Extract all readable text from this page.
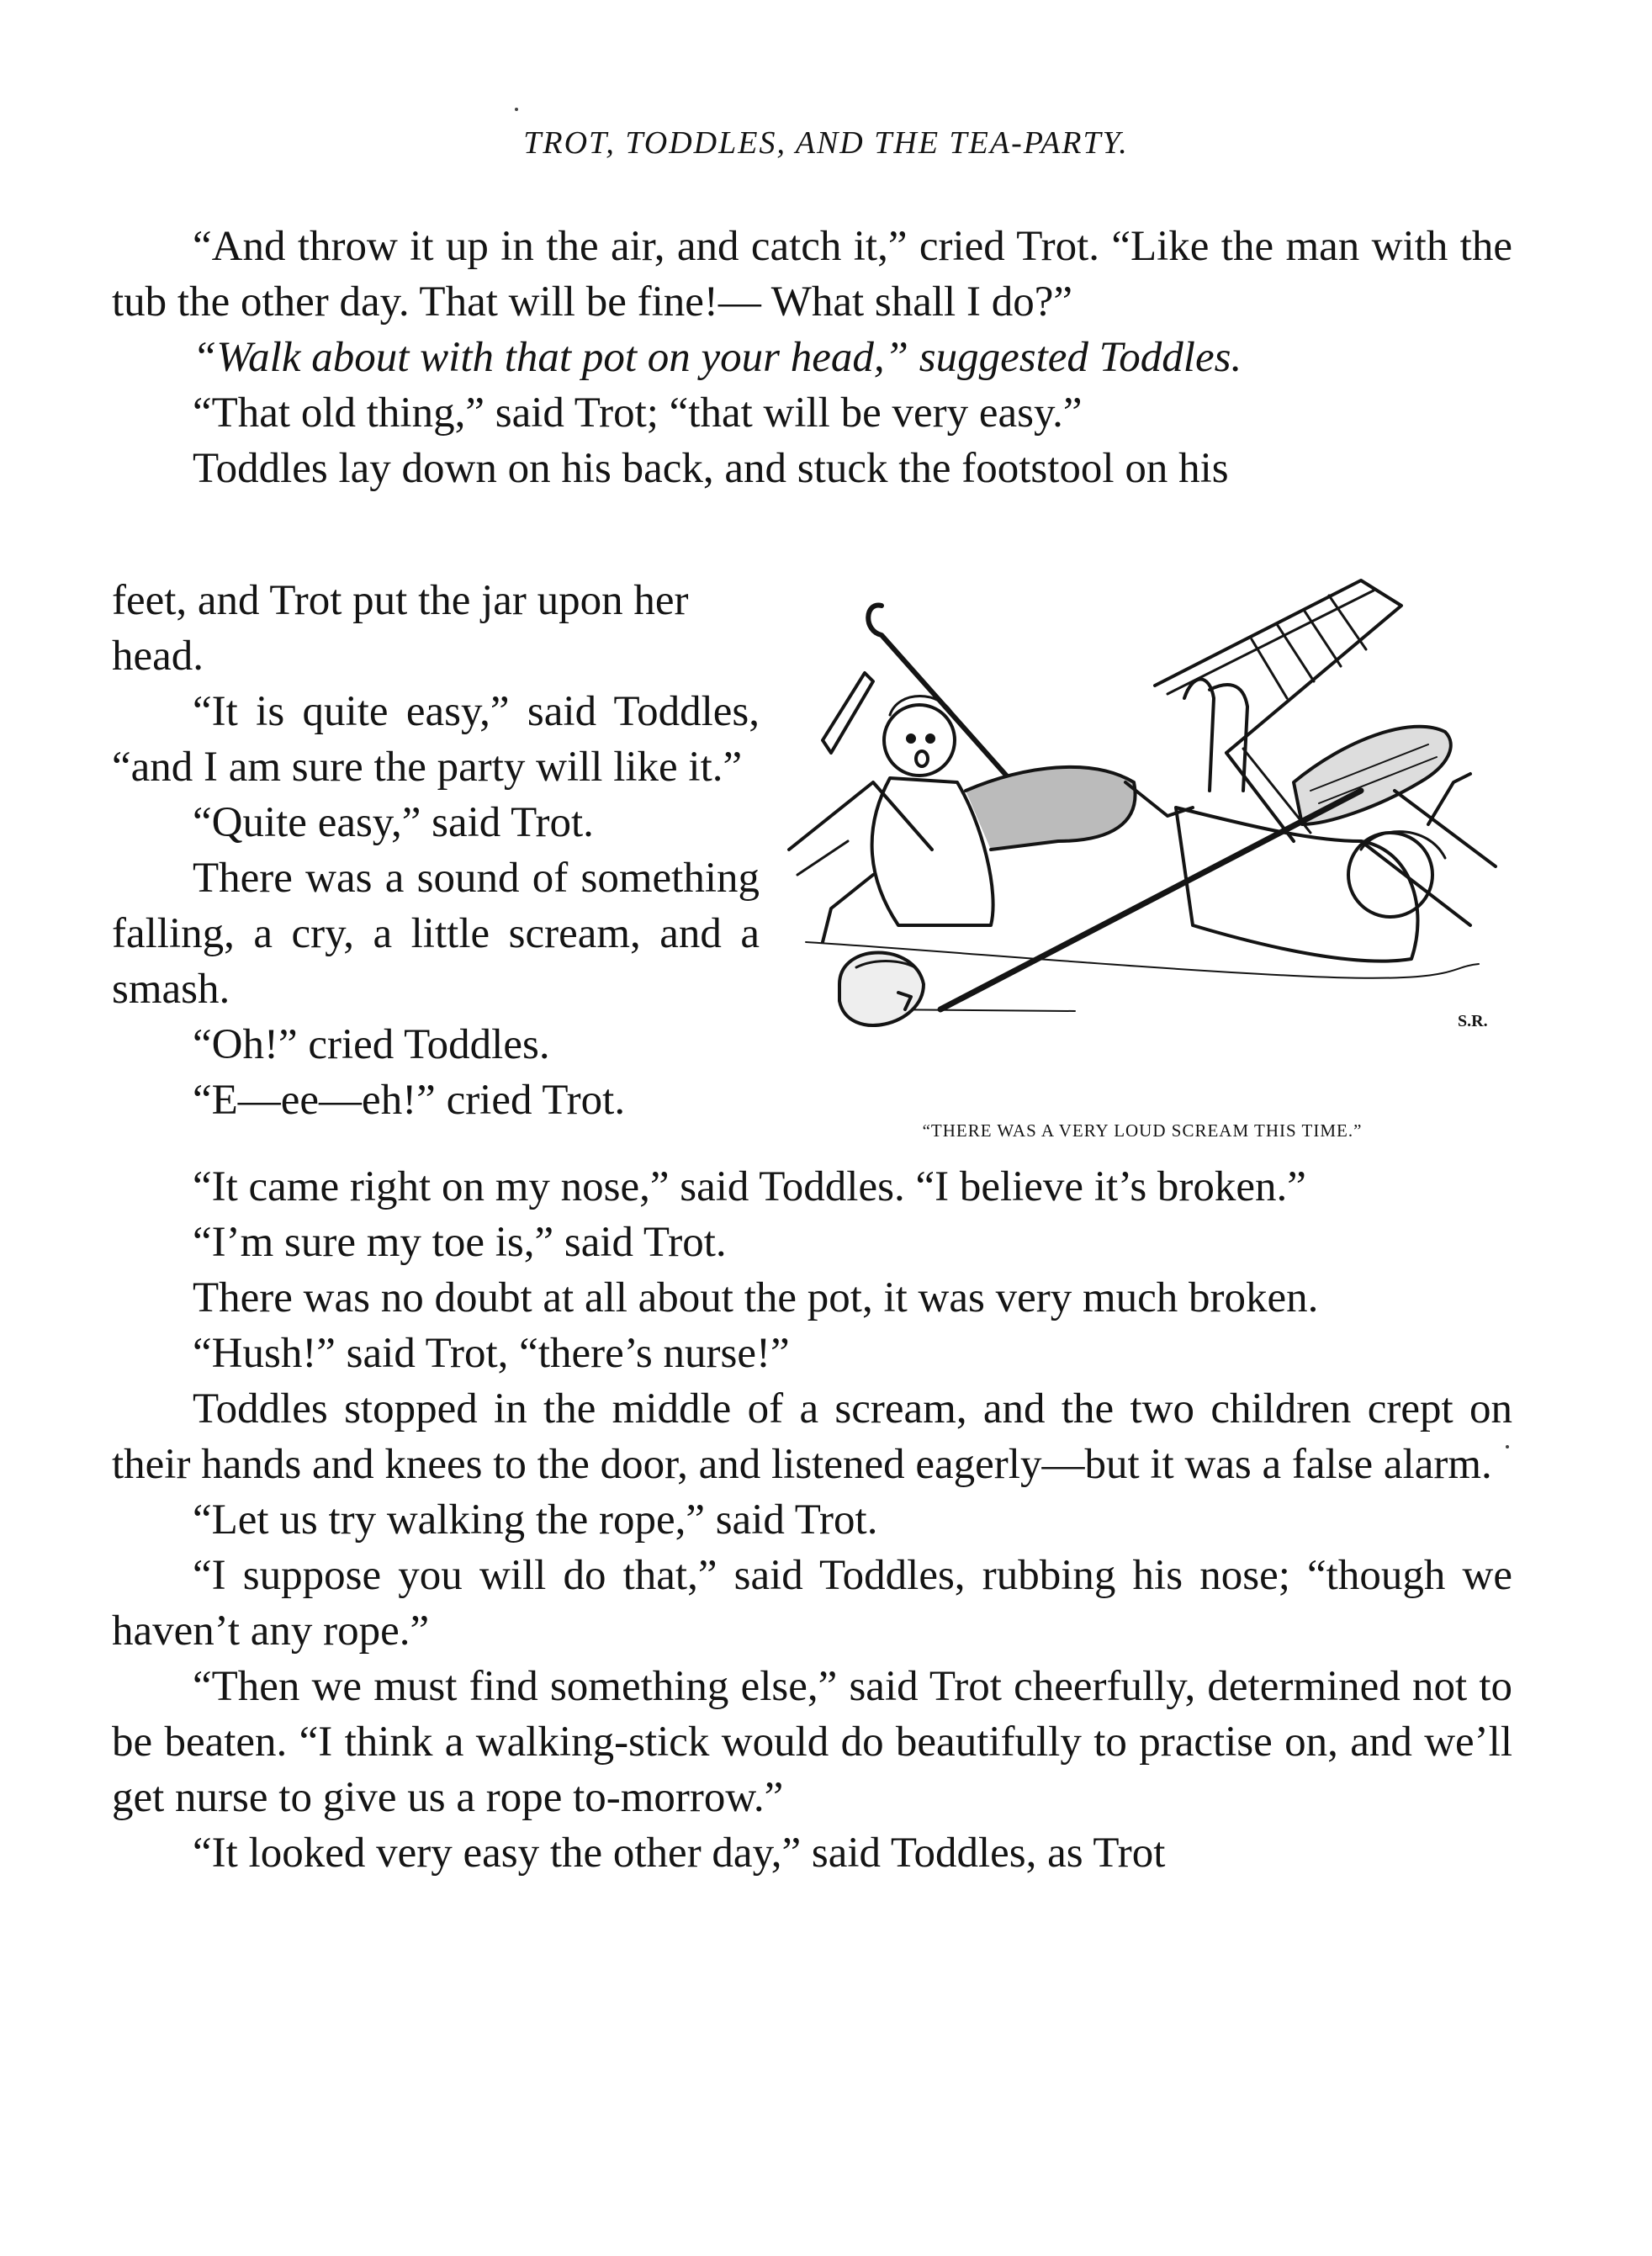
TROT, TODDLES, AND THE TEA-PARTY.

“And throw it up in the air, and catch it,” cried Trot. “Like the man with the tub the other day. That will be fine!— What shall I do?”

“Walk about with that pot on your head,” suggested Toddles.

“That old thing,” said Trot; “that will be very easy.”

Toddles lay down on his back, and stuck the footstool on his

feet, and Trot put the jar upon her head.

“It is quite easy,” said Toddles, “and I am sure the party will like it.”

“Quite easy,” said Trot.

There was a sound of something falling, a cry, a little scream, and a smash.

“Oh!” cried Toddles.

“E—ee—eh!” cried Trot.

S.R.
“THERE WAS A VERY LOUD SCREAM THIS TIME.”

“It came right on my nose,” said Toddles. “I believe it’s broken.”

“I’m sure my toe is,” said Trot.

There was no doubt at all about the pot, it was very much broken.

“Hush!” said Trot, “there’s nurse!”

Toddles stopped in the middle of a scream, and the two children crept on their hands and knees to the door, and listened eagerly—but it was a false alarm.

“Let us try walking the rope,” said Trot.

“I suppose you will do that,” said Toddles, rubbing his nose; “though we haven’t any rope.”

“Then we must find something else,” said Trot cheerfully, determined not to be beaten. “I think a walking-stick would do beautifully to practise on, and we’ll get nurse to give us a rope to-morrow.”

“It looked very easy the other day,” said Toddles, as Trot
